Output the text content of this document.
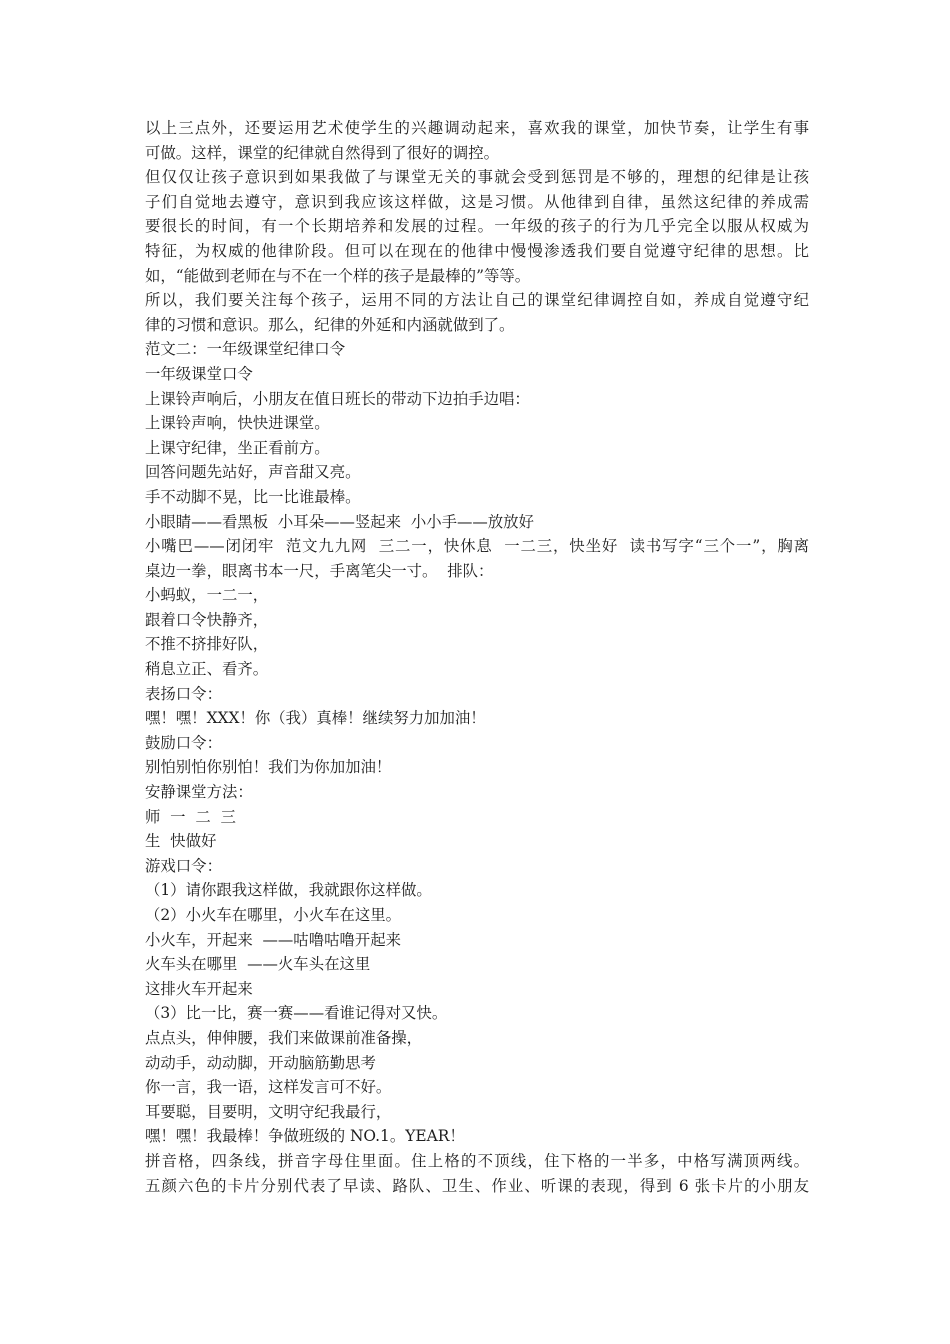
以上三点外，还要运用艺术使学生的兴趣调动起来，喜欢我的课堂，加快节奏，让学生有事
可做。这样，课堂的纪律就自然得到了很好的调控。
但仅仅让孩子意识到如果我做了与课堂无关的事就会受到惩罚是不够的，理想的纪律是让孩
子们自觉地去遵守，意识到我应该这样做，这是习惯。从他律到自律，虽然这纪律的养成需
要很长的时间，有一个长期培养和发展的过程。一年级的孩子的行为几乎完全以服从权威为
特征，为权威的他律阶段。但可以在现在的他律中慢慢渗透我们要自觉遵守纪律的思想。比
如，“能做到老师在与不在一个样的孩子是最棒的”等等。
所以，我们要关注每个孩子，运用不同的方法让自己的课堂纪律调控自如，养成自觉遵守纪
律的习惯和意识。那么，纪律的外延和内涵就做到了。
范文二：一年级课堂纪律口令
一年级课堂口令
上课铃声响后，小朋友在值日班长的带动下边拍手边唱：
上课铃声响，快快进课堂。
上课守纪律，坐正看前方。
回答问题先站好，声音甜又亮。
手不动脚不晃，比一比谁最棒。
小眼睛——看黑板  小耳朵——竖起来  小小手——放放好
小嘴巴——闭闭牢  范文九九网  三二一，快休息  一二三，快坐好  读书写字“三个一”，胸离
桌边一拳，眼离书本一尺，手离笔尖一寸。  排队：
小蚂蚁，一二一，
跟着口令快静齐，
不推不挤排好队，
稍息立正、看齐。
表扬口令：
嘿！嘿！XXX！你（我）真棒！继续努力加加油！
鼓励口令：
别怕别怕你别怕！我们为你加加油！
安静课堂方法：
师  一  二  三
生  快做好
游戏口令：
（1）请你跟我这样做，我就跟你这样做。
（2）小火车在哪里，小火车在这里。
小火车，开起来  ——咕噜咕噜开起来
火车头在哪里  ——火车头在这里
这排火车开起来
（3）比一比，赛一赛——看谁记得对又快。
点点头，伸伸腰，我们来做课前准备操，
动动手，动动脚，开动脑筋勤思考
你一言，我一语，这样发言可不好。
耳要聪，目要明，文明守纪我最行，
嘿！嘿！我最棒！争做班级的 NO.1。YEAR！
拼音格，四条线，拼音字母住里面。住上格的不顶线，住下格的一半多，中格写满顶两线。
五颜六色的卡片分别代表了早读、路队、卫生、作业、听课的表现，得到 6 张卡片的小朋友
